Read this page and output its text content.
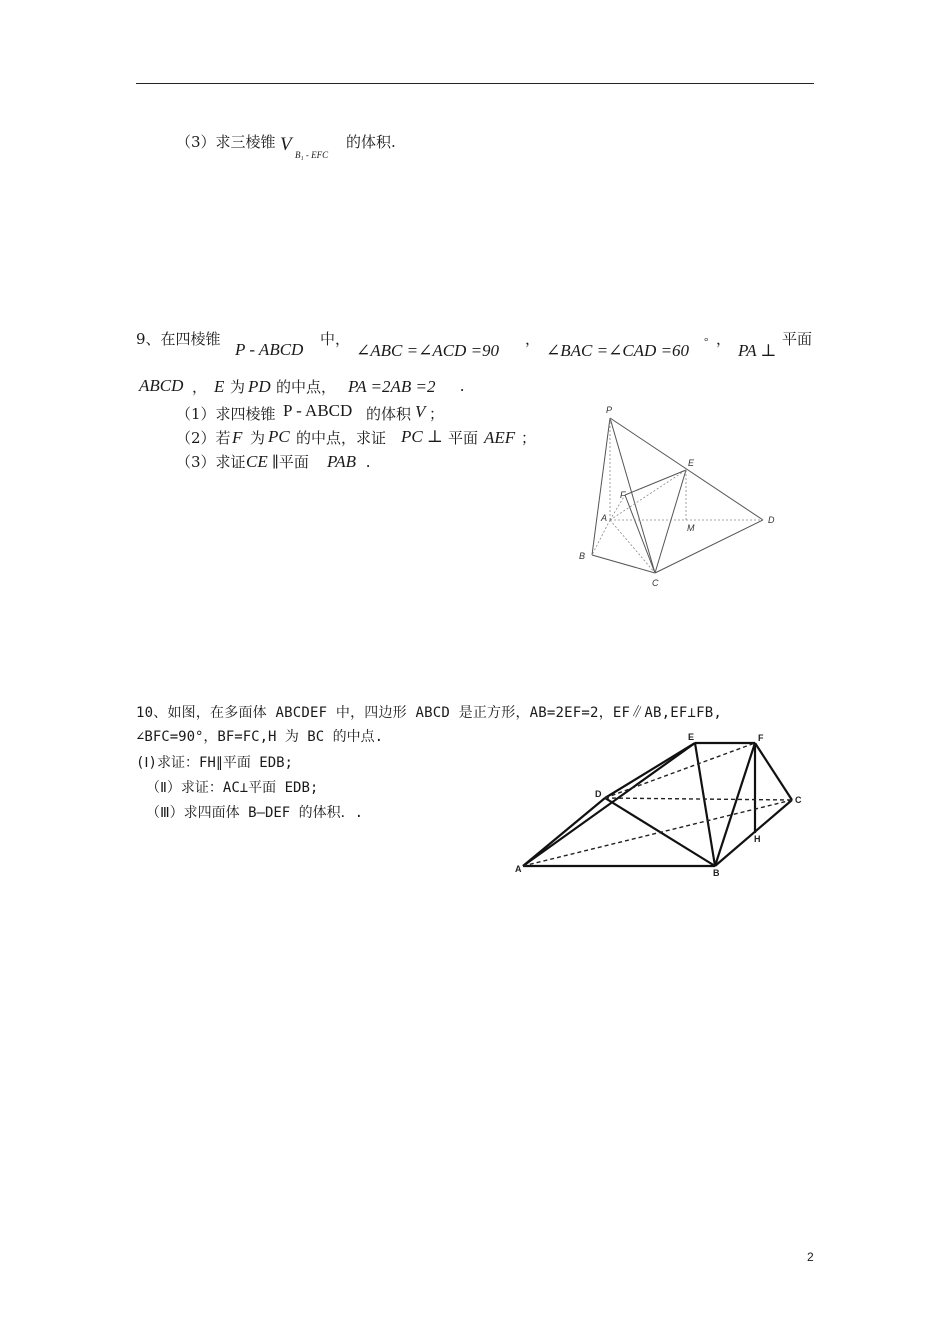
（3）求三棱锥 V B₁ - EFC
的体积.
9、在四棱锥
P - ABCD
中，
∠ABC =∠ACD =90
，
∠BAC =∠CAD =60 ° ，
PA ⊥
平面
ABCD ， E 为 PD 的中点， PA =2AB =2 .
（1）求四棱锥 P - ABCD 的体积 V ；
（2）若 F 为 PC 的中点，求证 PC ⊥ 平面 AEF ；
（3）求证 CE ∥平面 PAB .
P
E
F
A
M
D
B
C
10、如图，在多面体 ABCDEF 中，四边形 ABCD 是正方形，AB=2EF=2，EF∥AB,EF⊥FB,
∠BFC=90°，BF=FC,H 为 BC 的中点.
(Ⅰ)求证：FH∥平面 EDB;
（Ⅱ）求证：AC⊥平面 EDB;
（Ⅲ）求四面体 B—DEF 的体积．.
E	F
D
C
H
A	B
2
